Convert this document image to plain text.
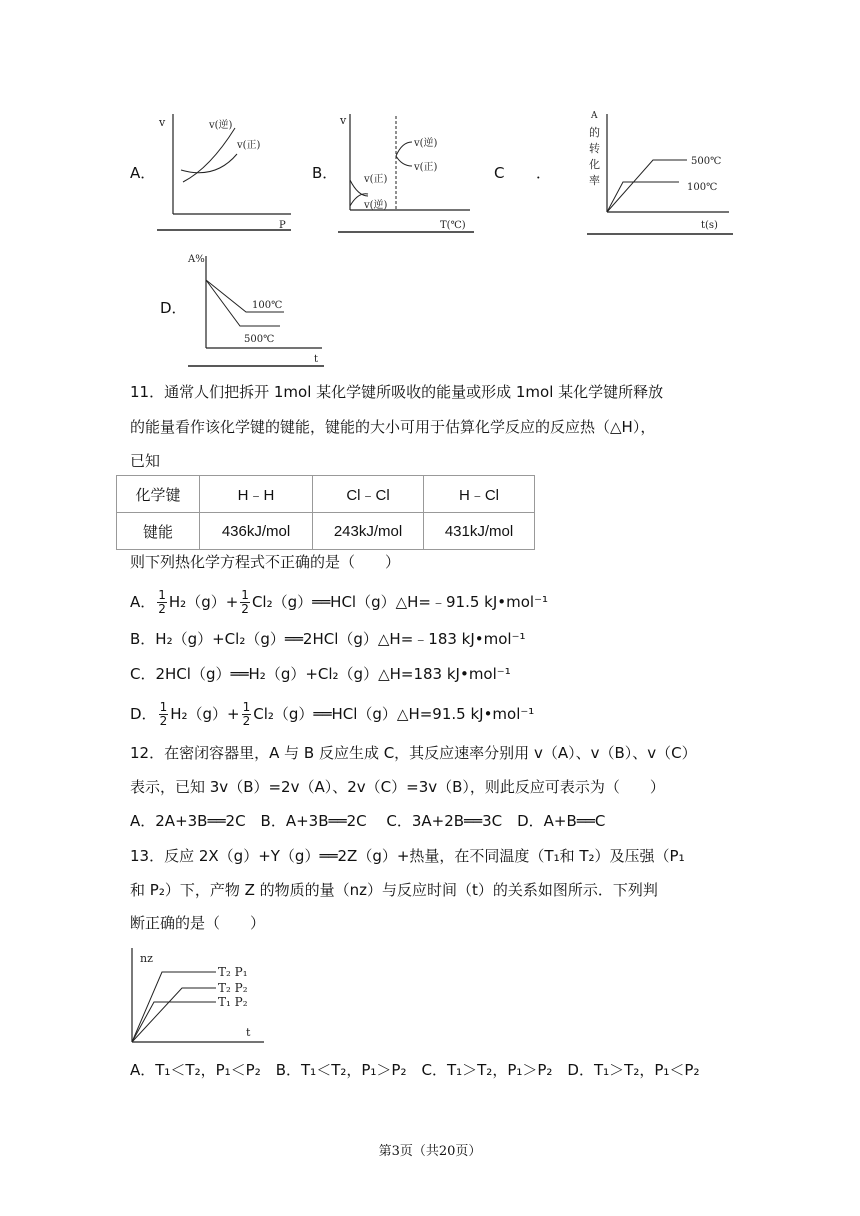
A．
v
P
v(逆)
v(正)
B．
v
T(℃)
v(正)
v(逆)
v(逆)
v(正)	C ．
A
的
转
化
率
t(s)
500℃
100℃
D．
A%
t
100℃
500℃
11．通常人们把拆开 1mol 某化学键所吸收的能量或形成 1mol 某化学键所释放
的能量看作该化学键的键能，键能的大小可用于估算化学反应的反应热（△H），
已知
化学键	H﹣H	Cl﹣Cl	H﹣Cl
键能	436kJ/mol	243kJ/mol	431kJ/mol
则下列热化学方程式不正确的是（　　）
A． $\frac{1}{2} H_2(g)+ \frac{1}{2}$ Cl₂（g）══HCl（g）△H=﹣91.5 kJ•mol⁻¹
B．H₂（g）+Cl₂（g）══2HCl（g）△H=﹣183 kJ•mol⁻¹
C．2HCl（g）══H₂（g）+Cl₂（g）△H=183 kJ•mol⁻¹
D． $\frac{1}{2} H_2(g)+ \frac{1}{2}$ Cl₂（g）══HCl（g）△H=91.5 kJ•mol⁻¹
12．在密闭容器里，A 与 B 反应生成 C，其反应速率分别用 v（A）、v（B）、v（C）
表示，已知 3v（B）=2v（A）、2v（C）=3v（B），则此反应可表示为（　　）
A．2A+3B══2C　B．A+3B══2C　 C．3A+2B══3C　D．A+B══C
13．反应 2X（g）+Y（g）══2Z（g）+热量，在不同温度（T₁和 T₂）及压强（P₁
和 P₂）下，产物 Z 的物质的量（nz）与反应时间（t）的关系如图所示．下列判
断正确的是（　　）
nz
t
T₂ P₁
T₂ P₂
T₁ P₂
A．T₁＜T₂，P₁＜P₂　B．T₁＜T₂，P₁＞P₂　C．T₁＞T₂，P₁＞P₂　D．T₁＞T₂，P₁＜P₂
第3页（共20页）
